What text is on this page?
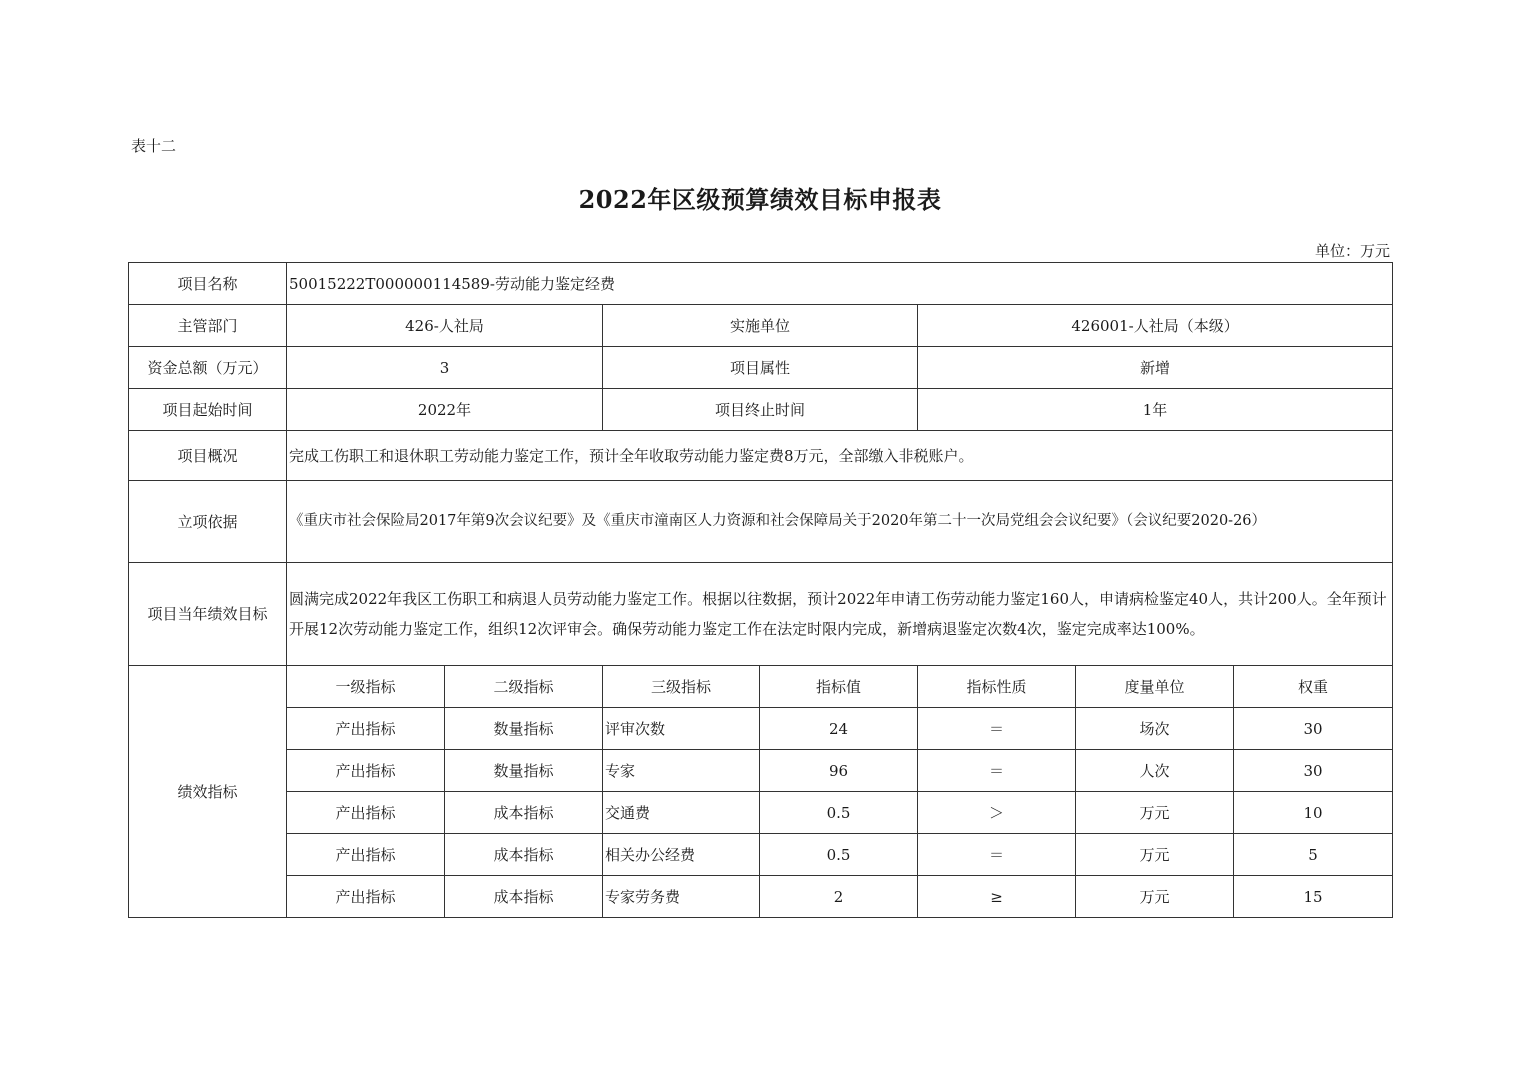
表十二
2022年区级预算绩效目标申报表
单位：万元
项目名称	50015222T000000114589-劳动能力鉴定经费						
主管部门	426-人社局		实施单位		426001-人社局（本级）		
资金总额（万元）	3		项目属性		新增		
项目起始时间	2022年		项目终止时间		1年		
项目概况	完成工伤职工和退休职工劳动能力鉴定工作，预计全年收取劳动能力鉴定费8万元，全部缴入非税账户。						
立项依据	《重庆市社会保险局2017年第9次会议纪要》及《重庆市潼南区人力资源和社会保障局关于2020年第二十一次局党组会会议纪要》（会议纪要2020-26）						
项目当年绩效目标	圆满完成2022年我区工伤职工和病退人员劳动能力鉴定工作。根据以往数据，预计2022年申请工伤劳动能力鉴定160人，申请病检鉴定40人，共计200人。全年预计开展12次劳动能力鉴定工作，组织12次评审会。确保劳动能力鉴定工作在法定时限内完成，新增病退鉴定次数4次，鉴定完成率达100%。						
绩效指标	一级指标	二级指标	三级指标	指标值	指标性质	度量单位	权重
	产出指标	数量指标	评审次数	24	＝	场次	30
	产出指标	数量指标	专家	96	＝	人次	30
	产出指标	成本指标	交通费	0.5	＞	万元	10
	产出指标	成本指标	相关办公经费	0.5	＝	万元	5
	产出指标	成本指标	专家劳务费	2	≥	万元	15
